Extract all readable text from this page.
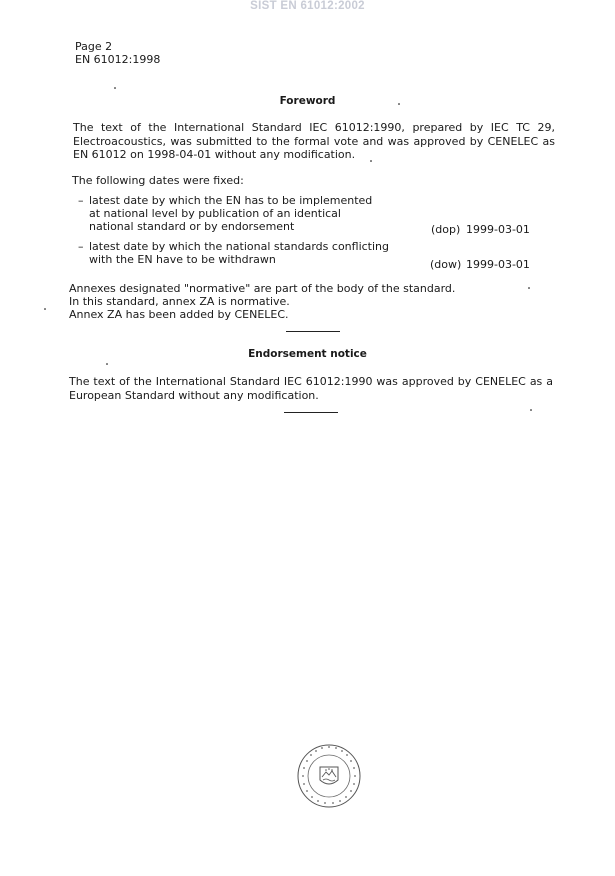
SIST EN 61012:2002
Page 2
EN 61012:1998
Foreword
The text of the International Standard IEC 61012:1990, prepared by IEC TC 29,
Electroacoustics, was submitted to the formal vote and was approved by CENELEC as
EN 61012 on 1998-04-01 without any modification.
The following dates were fixed:
– latest date by which the EN has to be implemented
at national level by publication of an identical
national standard or by endorsement	(dop) 1999-03-01
– latest date by which the national standards conflicting
with the EN have to be withdrawn	(dow) 1999-03-01
Annexes designated "normative" are part of the body of the standard.
In this standard, annex ZA is normative.
Annex ZA has been added by CENELEC.
Endorsement notice
The text of the International Standard IEC 61012:1990 was approved by CENELEC as a
European Standard without any modification.
